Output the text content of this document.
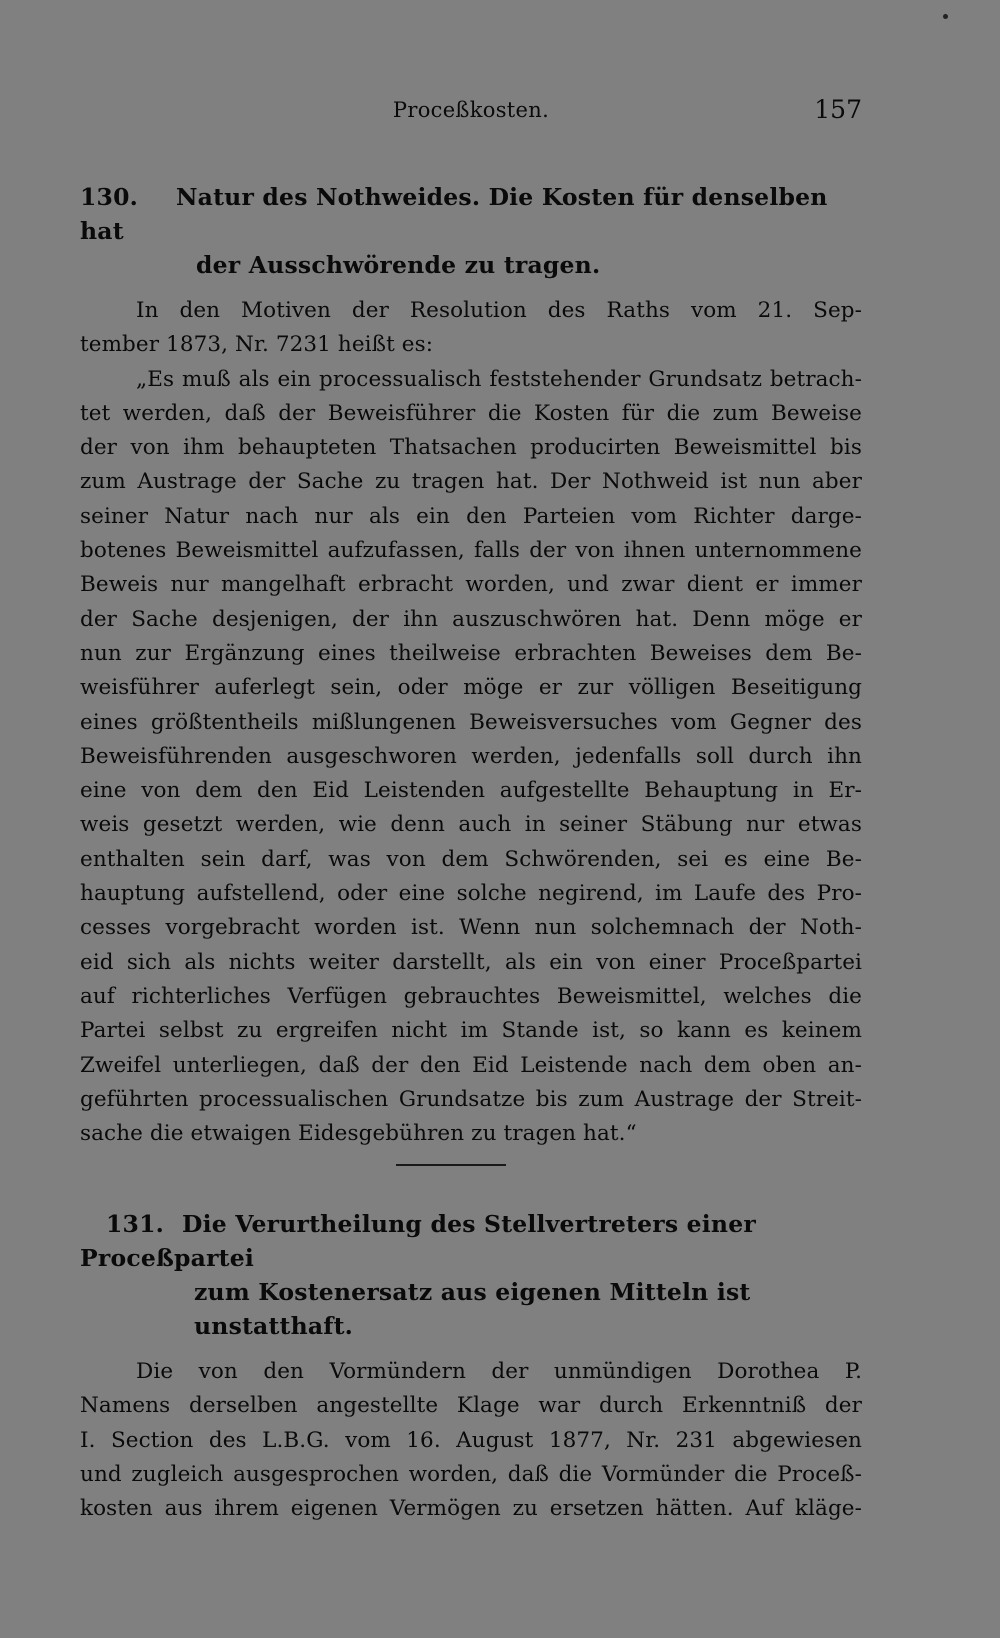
Proceßkosten.	157
130. Natur des Nothweides. Die Kosten für denselben hat
der Ausschwörende zu tragen.
In den Motiven der Resolution des Raths vom 21. Sep-
tember 1873, Nr. 7231 heißt es:
„Es muß als ein processualisch feststehender Grundsatz betrach-
tet werden, daß der Beweisführer die Kosten für die zum Beweise
der von ihm behaupteten Thatsachen producirten Beweismittel bis
zum Austrage der Sache zu tragen hat. Der Nothweid ist nun aber
seiner Natur nach nur als ein den Parteien vom Richter darge-
botenes Beweismittel aufzufassen, falls der von ihnen unternommene
Beweis nur mangelhaft erbracht worden, und zwar dient er immer
der Sache desjenigen, der ihn auszuschwören hat. Denn möge er
nun zur Ergänzung eines theilweise erbrachten Beweises dem Be-
weisführer auferlegt sein, oder möge er zur völligen Beseitigung
eines größtentheils mißlungenen Beweisversuches vom Gegner des
Beweisführenden ausgeschworen werden, jedenfalls soll durch ihn
eine von dem den Eid Leistenden aufgestellte Behauptung in Er-
weis gesetzt werden, wie denn auch in seiner Stäbung nur etwas
enthalten sein darf, was von dem Schwörenden, sei es eine Be-
hauptung aufstellend, oder eine solche negirend, im Laufe des Pro-
cesses vorgebracht worden ist. Wenn nun solchemnach der Noth-
eid sich als nichts weiter darstellt, als ein von einer Proceßpartei
auf richterliches Verfügen gebrauchtes Beweismittel, welches die
Partei selbst zu ergreifen nicht im Stande ist, so kann es keinem
Zweifel unterliegen, daß der den Eid Leistende nach dem oben an-
geführten processualischen Grundsatze bis zum Austrage der Streit-
sache die etwaigen Eidesgebühren zu tragen hat.“
131. Die Verurtheilung des Stellvertreters einer Proceßpartei
zum Kostenersatz aus eigenen Mitteln ist unstatthaft.
Die von den Vormündern der unmündigen Dorothea P.
Namens derselben angestellte Klage war durch Erkenntniß der
I. Section des L.B.G. vom 16. August 1877, Nr. 231 abgewiesen
und zugleich ausgesprochen worden, daß die Vormünder die Proceß-
kosten aus ihrem eigenen Vermögen zu ersetzen hätten. Auf kläge-
